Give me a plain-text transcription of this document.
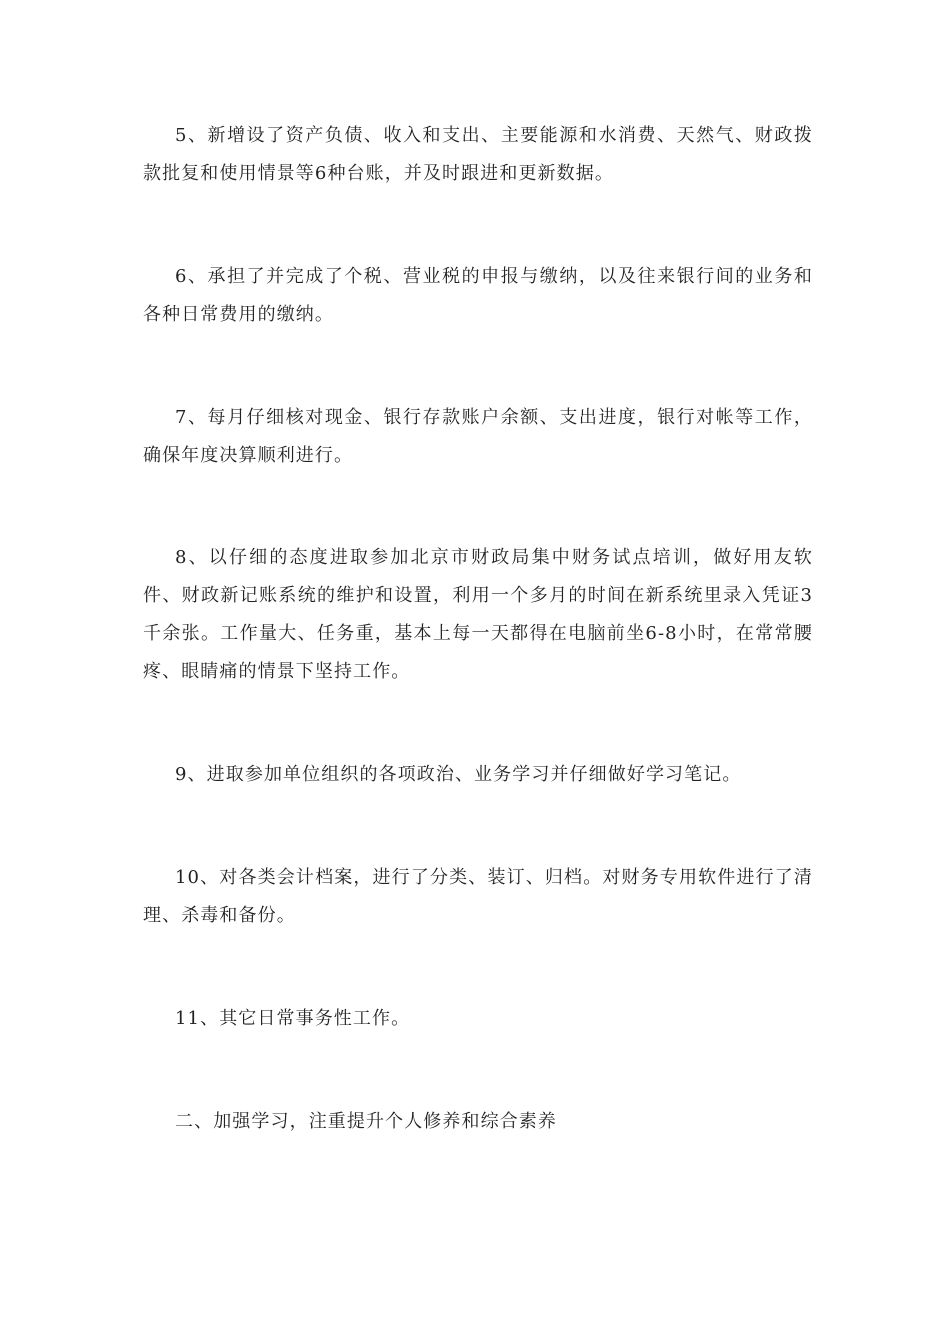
5、新增设了资产负债、收入和支出、主要能源和水消费、天然气、财政拨款批复和使用情景等6种台账，并及时跟进和更新数据。

6、承担了并完成了个税、营业税的申报与缴纳，以及往来银行间的业务和各种日常费用的缴纳。

7、每月仔细核对现金、银行存款账户余额、支出进度，银行对帐等工作，确保年度决算顺利进行。

8、以仔细的态度进取参加北京市财政局集中财务试点培训，做好用友软件、财政新记账系统的维护和设置，利用一个多月的时间在新系统里录入凭证3千余张。工作量大、任务重，基本上每一天都得在电脑前坐6-8小时，在常常腰疼、眼睛痛的情景下坚持工作。

9、进取参加单位组织的各项政治、业务学习并仔细做好学习笔记。

10、对各类会计档案，进行了分类、装订、归档。对财务专用软件进行了清理、杀毒和备份。

11、其它日常事务性工作。

二、加强学习，注重提升个人修养和综合素养
